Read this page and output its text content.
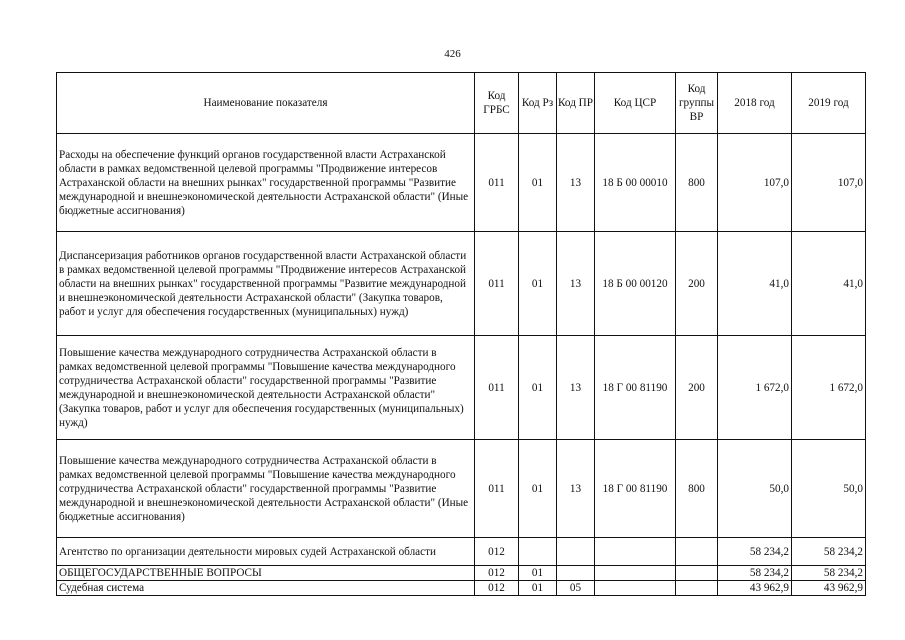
426
Наименование показателя	Код ГРБС	Код Рз	Код ПР	Код ЦСР	Код группы ВР	2018 год	2019 год
Расходы на обеспечение функций органов государственной власти Астраханской области в рамках ведомственной целевой программы "Продвижение интересов Астраханской области на внешних рынках" государственной программы "Развитие международной и внешнеэкономической деятельности Астраханской области" (Иные бюджетные ассигнования)	011	01	13	18 Б 00 00010	800	107,0	107,0
Диспансеризация работников органов государственной власти Астраханской области в рамках ведомственной целевой программы "Продвижение интересов Астраханской области на внешних рынках" государственной программы "Развитие международной и внешнеэкономической деятельности Астраханской области" (Закупка товаров, работ и услуг для обеспечения государственных (муниципальных) нужд)	011	01	13	18 Б 00 00120	200	41,0	41,0
Повышение качества международного сотрудничества Астраханской области в рамках ведомственной целевой программы "Повышение качества международного сотрудничества Астраханской области" государственной программы "Развитие международной и внешнеэкономической деятельности Астраханской области" (Закупка товаров, работ и услуг для обеспечения государственных (муниципальных) нужд)	011	01	13	18 Г 00 81190	200	1 672,0	1 672,0
Повышение качества международного сотрудничества Астраханской области в рамках ведомственной целевой программы "Повышение качества международного сотрудничества Астраханской области" государственной программы "Развитие международной и внешнеэкономической деятельности Астраханской области" (Иные бюджетные ассигнования)	011	01	13	18 Г 00 81190	800	50,0	50,0
Агентство по организации деятельности мировых судей Астраханской области	012					58 234,2	58 234,2
ОБЩЕГОСУДАРСТВЕННЫЕ ВОПРОСЫ	012	01				58 234,2	58 234,2
Судебная система	012	01	05			43 962,9	43 962,9
